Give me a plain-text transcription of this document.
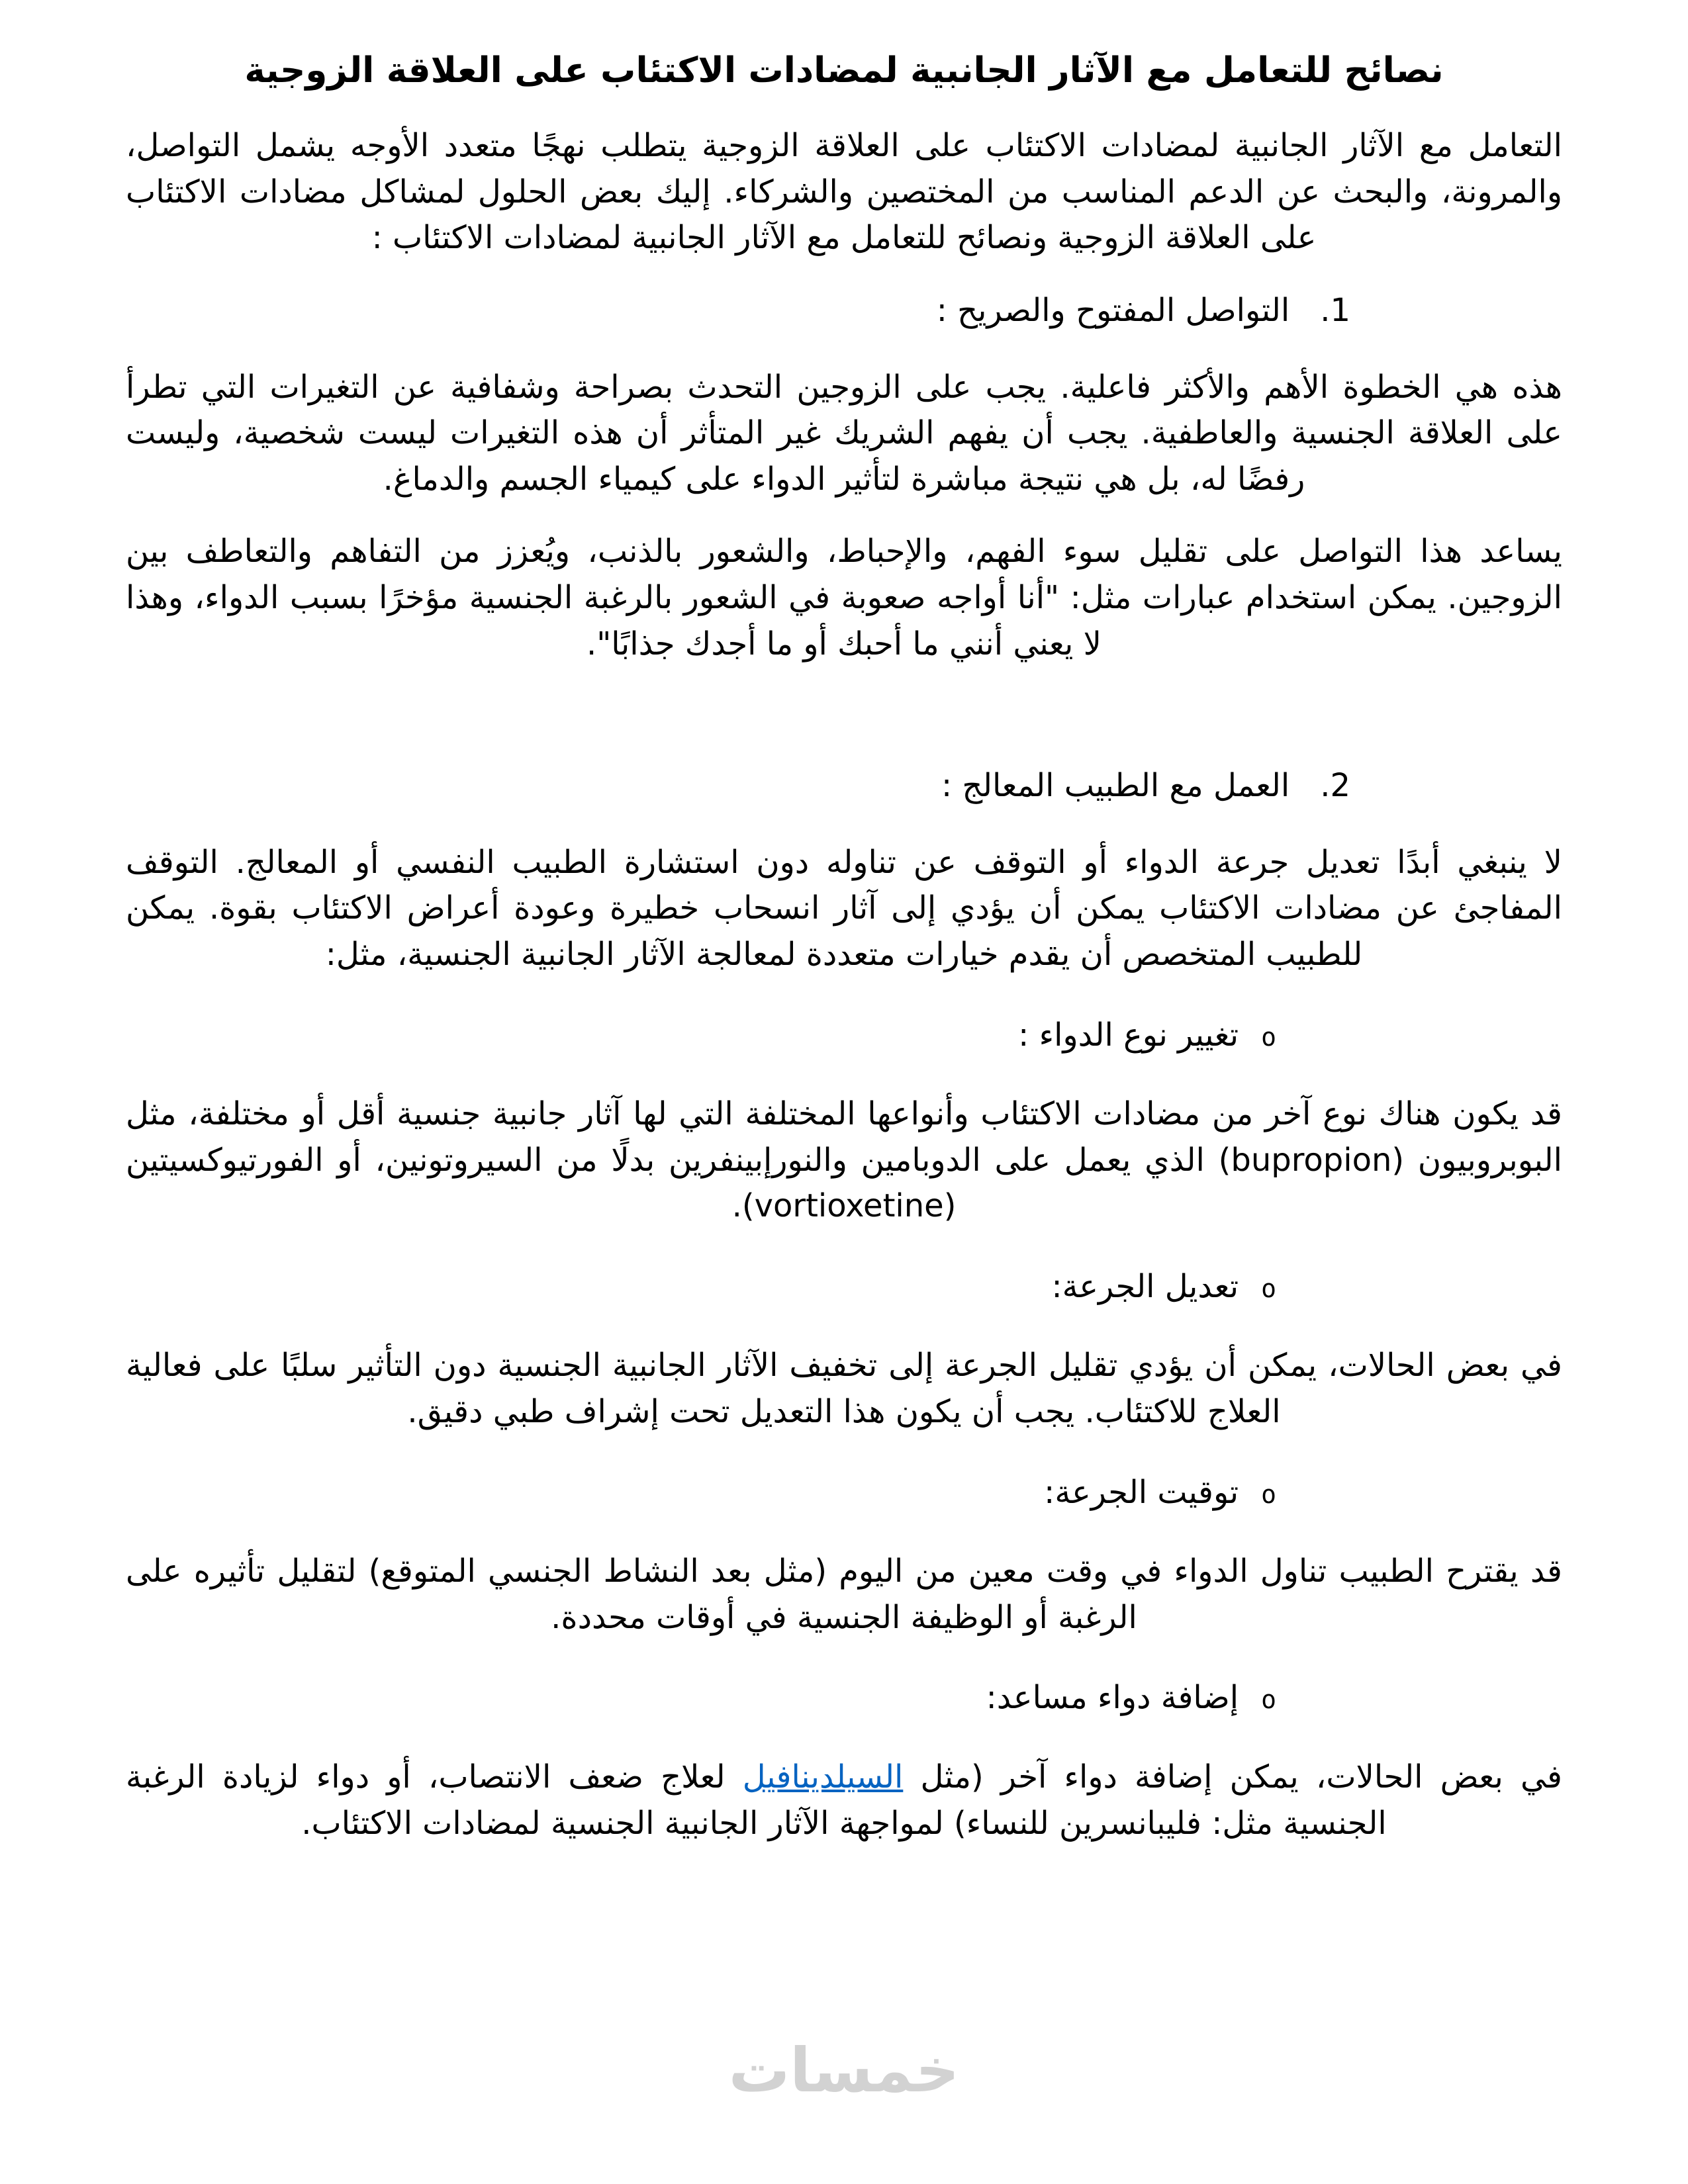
نصائح للتعامل مع الآثار الجانبية لمضادات الاكتئاب على العلاقة الزوجية

التعامل مع الآثار الجانبية لمضادات الاكتئاب على العلاقة الزوجية يتطلب نهجًا متعدد الأوجه يشمل التواصل، والمرونة، والبحث عن الدعم المناسب من المختصين والشركاء. إليك بعض الحلول لمشاكل مضادات الاكتئاب على العلاقة الزوجية ونصائح للتعامل مع الآثار الجانبية لمضادات الاكتئاب :

1.التواصل المفتوح والصريح :

هذه هي الخطوة الأهم والأكثر فاعلية. يجب على الزوجين التحدث بصراحة وشفافية عن التغيرات التي تطرأ على العلاقة الجنسية والعاطفية. يجب أن يفهم الشريك غير المتأثر أن هذه التغيرات ليست شخصية، وليست رفضًا له، بل هي نتيجة مباشرة لتأثير الدواء على كيمياء الجسم والدماغ.

يساعد هذا التواصل على تقليل سوء الفهم، والإحباط، والشعور بالذنب، ويُعزز من التفاهم والتعاطف بين الزوجين. يمكن استخدام عبارات مثل: "أنا أواجه صعوبة في الشعور بالرغبة الجنسية مؤخرًا بسبب الدواء، وهذا لا يعني أنني ما أحبك أو ما أجدك جذابًا".

2.العمل مع الطبيب المعالج :

لا ينبغي أبدًا تعديل جرعة الدواء أو التوقف عن تناوله دون استشارة الطبيب النفسي أو المعالج. التوقف المفاجئ عن مضادات الاكتئاب يمكن أن يؤدي إلى آثار انسحاب خطيرة وعودة أعراض الاكتئاب بقوة. يمكن للطبيب المتخصص أن يقدم خيارات متعددة لمعالجة الآثار الجانبية الجنسية، مثل:

oتغيير نوع الدواء :

قد يكون هناك نوع آخر من مضادات الاكتئاب وأنواعها المختلفة التي لها آثار جانبية جنسية أقل أو مختلفة، مثل البوبروبيون (bupropion) الذي يعمل على الدوبامين والنورإبينفرين بدلًا من السيروتونين، أو الفورتيوكسيتين (vortioxetine).

oتعديل الجرعة:

في بعض الحالات، يمكن أن يؤدي تقليل الجرعة إلى تخفيف الآثار الجانبية الجنسية دون التأثير سلبًا على فعالية العلاج للاكتئاب. يجب أن يكون هذا التعديل تحت إشراف طبي دقيق.

oتوقيت الجرعة:

قد يقترح الطبيب تناول الدواء في وقت معين من اليوم (مثل بعد النشاط الجنسي المتوقع) لتقليل تأثيره على الرغبة أو الوظيفة الجنسية في أوقات محددة.

oإضافة دواء مساعد:

في بعض الحالات، يمكن إضافة دواء آخر (مثل السيلدينافيل لعلاج ضعف الانتصاب، أو دواء لزيادة الرغبة الجنسية مثل: فليبانسرين للنساء) لمواجهة الآثار الجانبية الجنسية لمضادات الاكتئاب.

خمسات
